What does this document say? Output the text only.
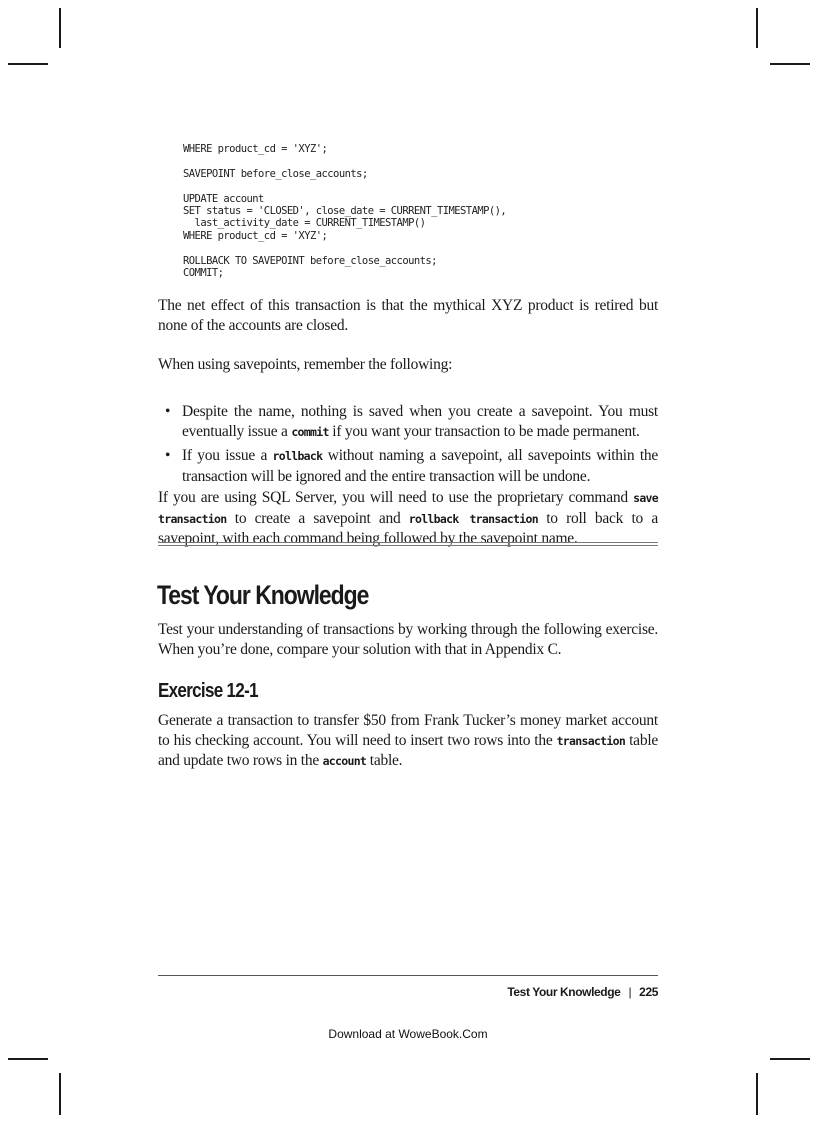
WHERE product_cd = 'XYZ';

SAVEPOINT before_close_accounts;

UPDATE account
SET status = 'CLOSED', close_date = CURRENT_TIMESTAMP(),
last_activity_date = CURRENT_TIMESTAMP()
WHERE product_cd = 'XYZ';

ROLLBACK TO SAVEPOINT before_close_accounts;
COMMIT;

The net effect of this transaction is that the mythical XYZ product is retired but none of the accounts are closed.

When using savepoints, remember the following:

• Despite the name, nothing is saved when you create a savepoint. You must eventually issue a commit if you want your transaction to be made permanent.
• If you issue a rollback without naming a savepoint, all savepoints within the transaction will be ignored and the entire transaction will be undone.

If you are using SQL Server, you will need to use the proprietary command save transaction to create a savepoint and rollback transaction to roll back to a savepoint, with each command being followed by the savepoint name.

Test Your Knowledge

Test your understanding of transactions by working through the following exercise. When you’re done, compare your solution with that in Appendix C.

Exercise 12-1

Generate a transaction to transfer $50 from Frank Tucker’s money market account to his checking account. You will need to insert two rows into the transaction table and update two rows in the account table.

Test Your Knowledge | 225
Download at WoweBook.Com
